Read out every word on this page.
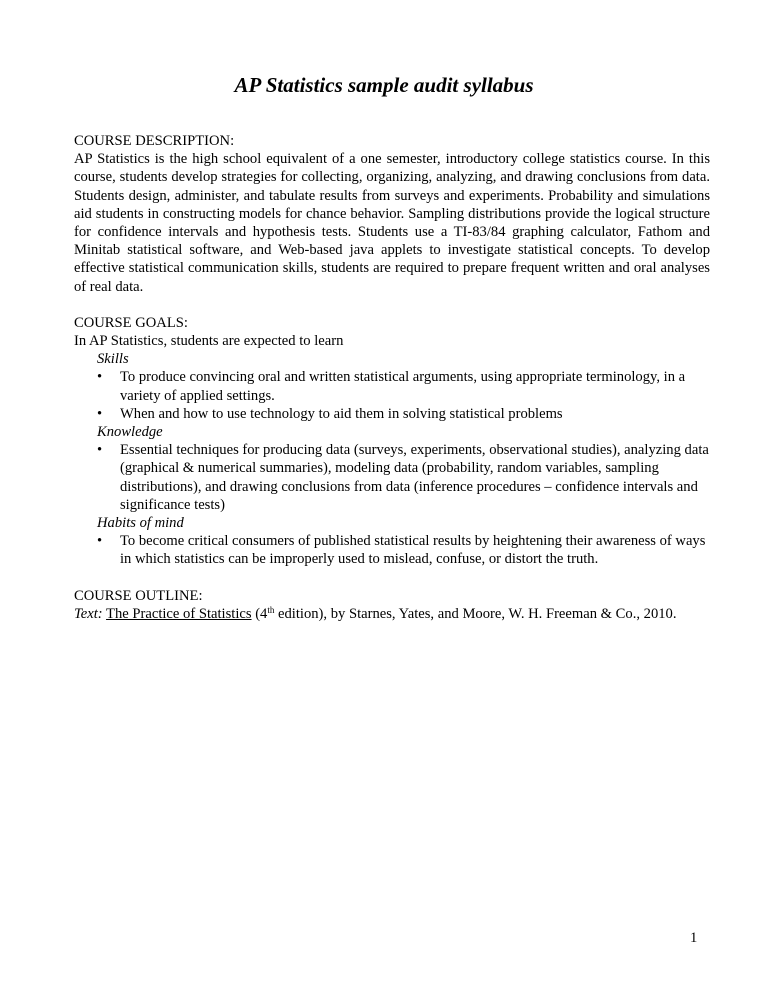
AP Statistics sample audit syllabus

COURSE DESCRIPTION:

AP Statistics is the high school equivalent of a one semester, introductory college statistics course. In this course, students develop strategies for collecting, organizing, analyzing, and drawing conclusions from data. Students design, administer, and tabulate results from surveys and experiments. Probability and simulations aid students in constructing models for chance behavior. Sampling distributions provide the logical structure for confidence intervals and hypothesis tests. Students use a TI-83/84 graphing calculator, Fathom and Minitab statistical software, and Web-based java applets to investigate statistical concepts. To develop effective statistical communication skills, students are required to prepare frequent written and oral analyses of real data.

COURSE GOALS:

In AP Statistics, students are expected to learn

Skills
• To produce convincing oral and written statistical arguments, using appropriate terminology, in a variety of applied settings.
• When and how to use technology to aid them in solving statistical problems
Knowledge
• Essential techniques for producing data (surveys, experiments, observational studies), analyzing data (graphical & numerical summaries), modeling data (probability, random variables, sampling distributions), and drawing conclusions from data (inference procedures – confidence intervals and significance tests)
Habits of mind
• To become critical consumers of published statistical results by heightening their awareness of ways in which statistics can be improperly used to mislead, confuse, or distort the truth.

COURSE OUTLINE:

Text: The Practice of Statistics (4th edition), by Starnes, Yates, and Moore, W. H. Freeman & Co., 2010.

1
